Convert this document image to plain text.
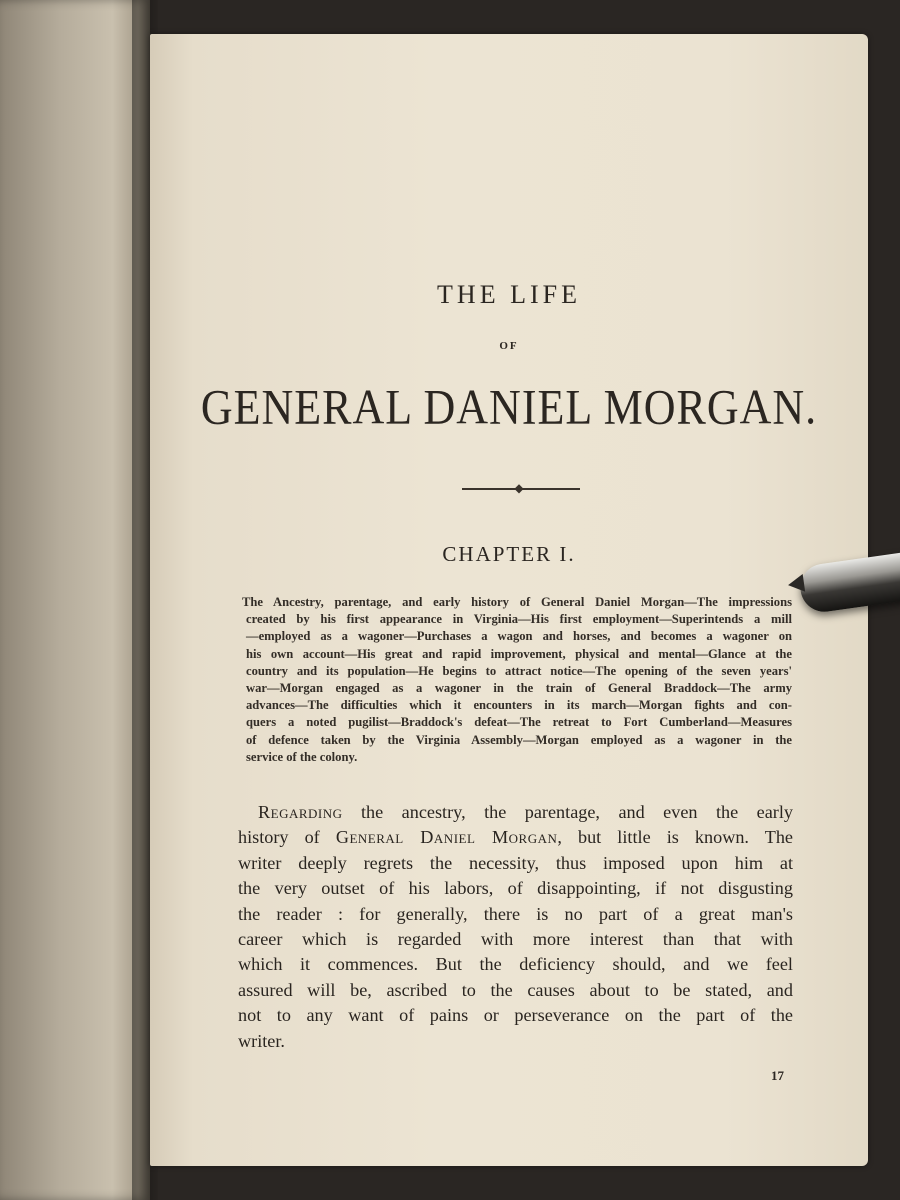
THE LIFE
OF
GENERAL DANIEL MORGAN.
◆
CHAPTER I.
The Ancestry, parentage, and early history of General Daniel Morgan—The impressions
created by his first appearance in Virginia—His first employment—Superintends a mill
—employed as a wagoner—Purchases a wagon and horses, and becomes a wagoner on
his own account—His great and rapid improvement, physical and mental—Glance at the
country and its population—He begins to attract notice—The opening of the seven years'
war—Morgan engaged as a wagoner in the train of General Braddock—The army
advances—The difficulties which it encounters in its march—Morgan fights and con-
quers a noted pugilist—Braddock's defeat—The retreat to Fort Cumberland—Measures
of defence taken by the Virginia Assembly—Morgan employed as a wagoner in the
service of the colony.
Regarding the ancestry, the parentage, and even the early
history of General Daniel Morgan, but little is known. The
writer deeply regrets the necessity, thus imposed upon him at
the very outset of his labors, of disappointing, if not disgusting
the reader : for generally, there is no part of a great man's
career which is regarded with more interest than that with
which it commences. But the deficiency should, and we feel
assured will be, ascribed to the causes about to be stated, and
not to any want of pains or perseverance on the part of the
writer.
17
